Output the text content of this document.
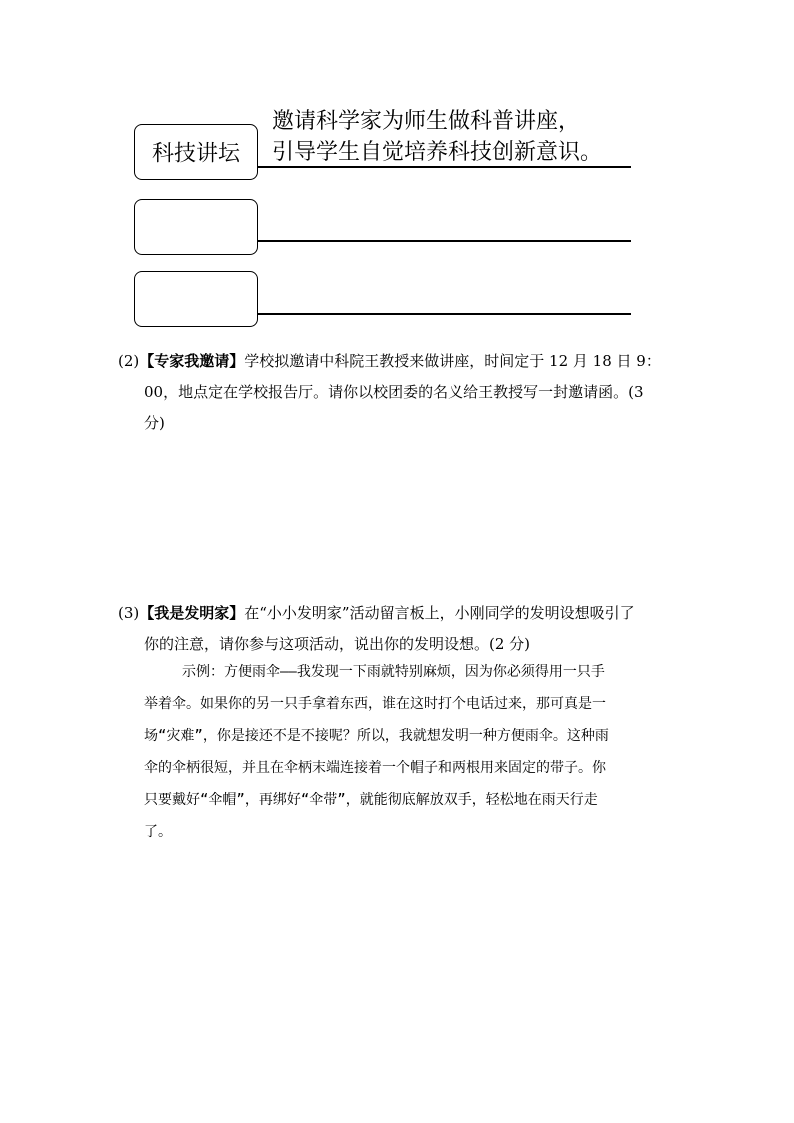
科技讲坛
邀请科学家为师生做科普讲座，
引导学生自觉培养科技创新意识。
(2)【专家我邀请】学校拟邀请中科院王教授来做讲座，时间定于 12 月 18 日 9：
00，地点定在学校报告厅。请你以校团委的名义给王教授写一封邀请函。(3
分)
(3)【我是发明家】在“小小发明家”活动留言板上，小刚同学的发明设想吸引了
你的注意，请你参与这项活动，说出你的发明设想。(2 分)
示例：方便雨伞——我发现一下雨就特别麻烦，因为你必须得用一只手
举着伞。如果你的另一只手拿着东西，谁在这时打个电话过来，那可真是一
场“灾难”，你是接还不是不接呢？所以，我就想发明一种方便雨伞。这种雨
伞的伞柄很短，并且在伞柄末端连接着一个帽子和两根用来固定的带子。你
只要戴好“伞帽”，再绑好“伞带”，就能彻底解放双手，轻松地在雨天行走
了。
